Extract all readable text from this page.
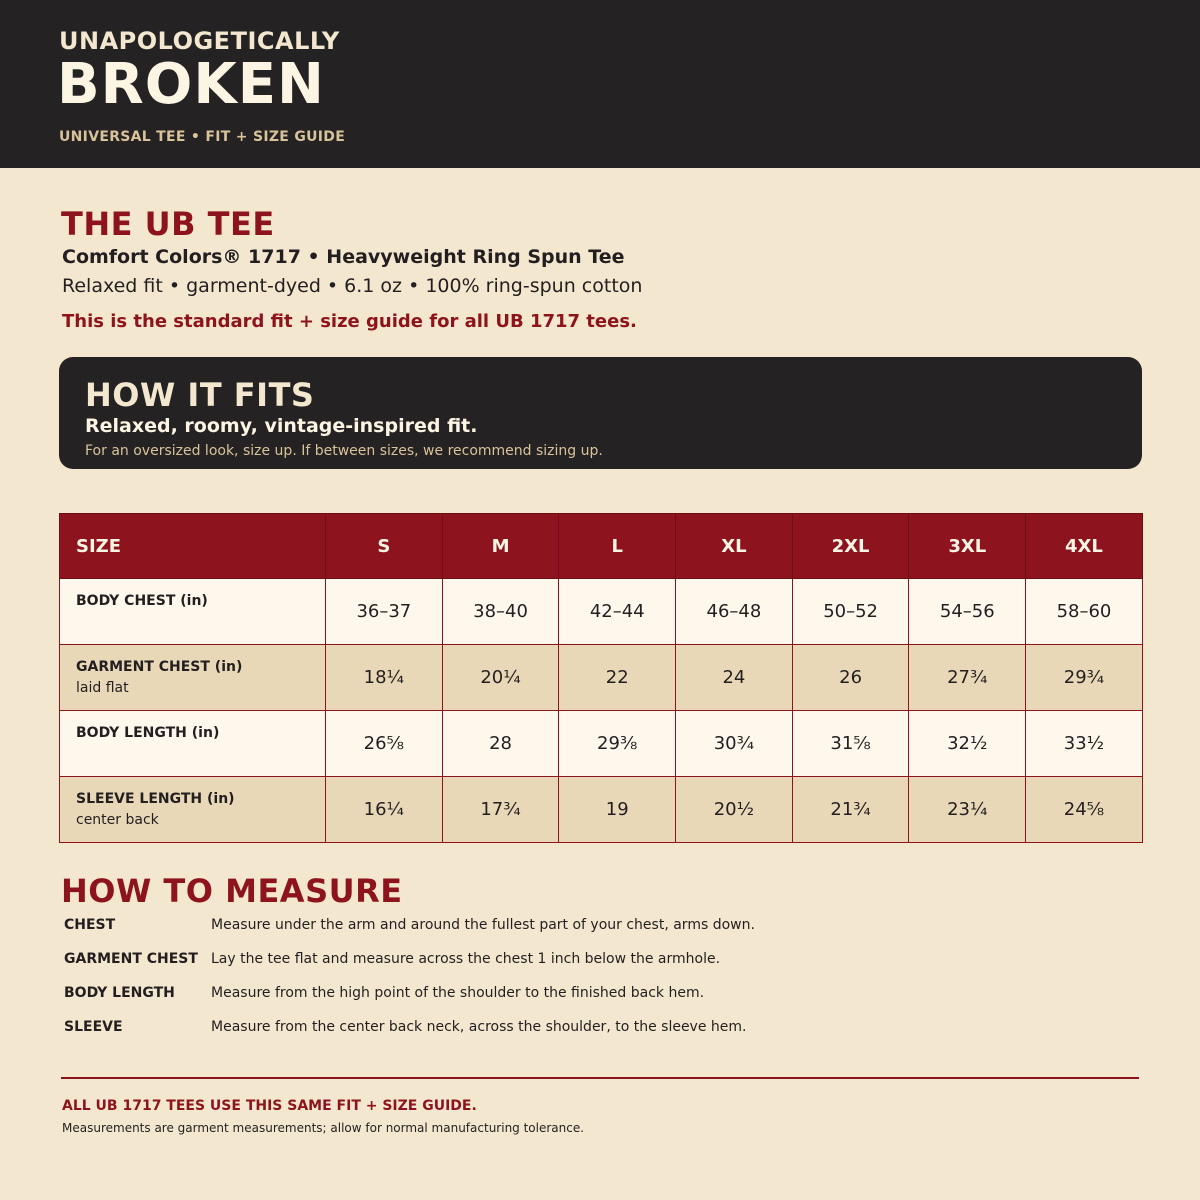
UNAPOLOGETICALLY
BROKEN
UNIVERSAL TEE • FIT + SIZE GUIDE
THE UB TEE
Comfort Colors® 1717 • Heavyweight Ring Spun Tee
Relaxed fit • garment-dyed • 6.1 oz • 100% ring-spun cotton
This is the standard fit + size guide for all UB 1717 tees.
HOW IT FITS
Relaxed, roomy, vintage-inspired fit.
For an oversized look, size up. If between sizes, we recommend sizing up.
SIZE	S	M	L	XL	2XL	3XL	4XL

BODY CHEST (in)	36–37	38–40	42–44	46–48	50–52	54–56	58–60

GARMENT CHEST (in)
laid flat	18¼	20¼	22	24	26	27¾	29¾

BODY LENGTH (in)	26⅝	28	29⅜	30¾	31⅝	32½	33½

SLEEVE LENGTH (in)
center back	16¼	17¾	19	20½	21¾	23¼	24⅝
HOW TO MEASURE
CHEST	Measure under the arm and around the fullest part of your chest, arms down.
GARMENT CHEST Lay the tee flat and measure across the chest 1 inch below the armhole.
BODY LENGTH	Measure from the high point of the shoulder to the finished back hem.
SLEEVE	Measure from the center back neck, across the shoulder, to the sleeve hem.
ALL UB 1717 TEES USE THIS SAME FIT + SIZE GUIDE.
Measurements are garment measurements; allow for normal manufacturing tolerance.
